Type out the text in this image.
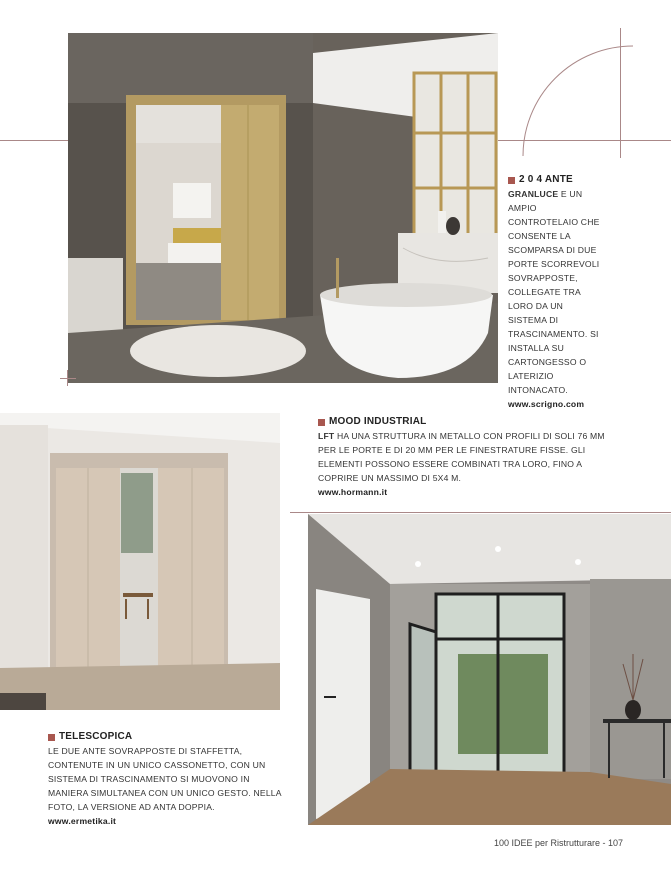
2 0 4 ANTE
GRANLUCE E UN AMPIO CONTROTELAIO CHE CONSENTE LA SCOMPARSA DI DUE PORTE SCORREVOLI SOVRAPPOSTE, COLLEGATE TRA LORO DA UN SISTEMA DI TRASCINAMENTO. SI INSTALLA SU CARTONGESSO O LATERIZIO INTONACATO.
www.scrigno.com
MOOD INDUSTRIAL
LFT HA UNA STRUTTURA IN METALLO CON PROFILI DI SOLI 76 MM PER LE PORTE E DI 20 MM PER LE FINESTRATURE FISSE. GLI ELEMENTI POSSONO ESSERE COMBINATI TRA LORO, FINO A COPRIRE UN MASSIMO DI 5X4 M.
www.hormann.it
TELESCOPICA
LE DUE ANTE SOVRAPPOSTE DI STAFFETTA, CONTENUTE IN UN UNICO CASSONETTO, CON UN SISTEMA DI TRASCINAMENTO SI MUOVONO IN MANIERA SIMULTANEA CON UN UNICO GESTO. NELLA FOTO, LA VERSIONE AD ANTA DOPPIA.
www.ermetika.it
100 IDEE per Ristrutturare - 107
